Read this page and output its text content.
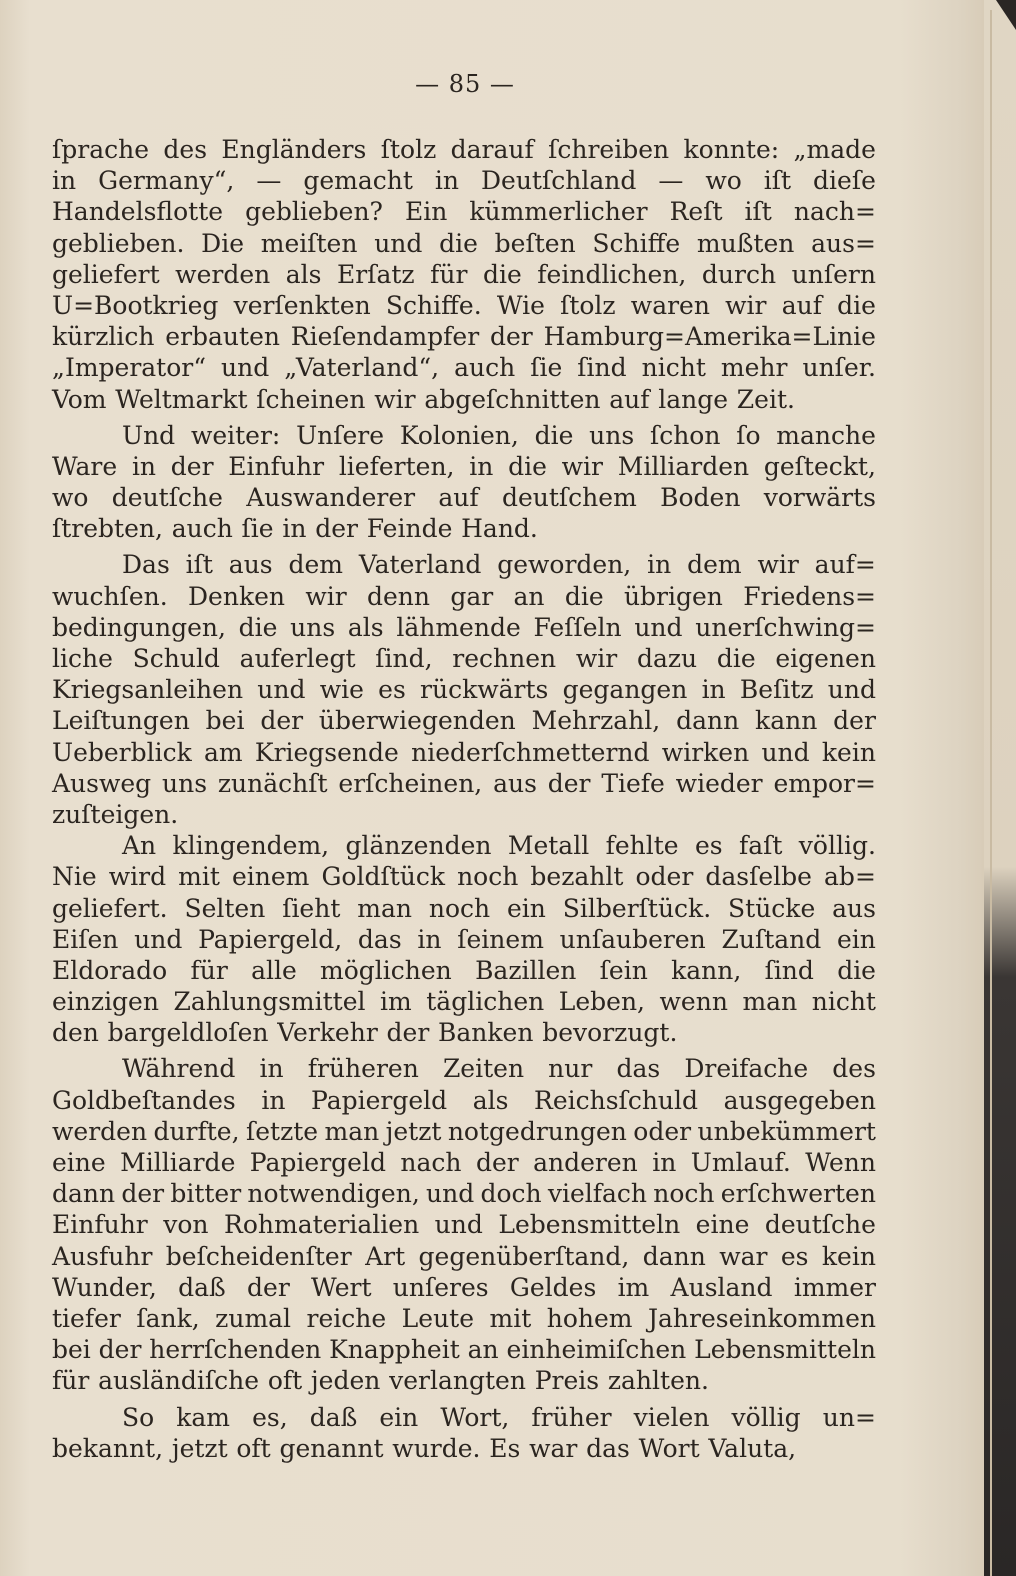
— 85 —
ſprache des Engländers ſtolz darauf ſchreiben konnte: „made
in Germany“, — gemacht in Deutſchland — wo iſt dieſe
Handelsflotte geblieben? Ein kümmerlicher Reſt iſt nach=
geblieben. Die meiſten und die beſten Schiffe mußten aus=
geliefert werden als Erſatz für die feindlichen, durch unſern
U=Bootkrieg verſenkten Schiffe. Wie ſtolz waren wir auf die
kürzlich erbauten Rieſendampfer der Hamburg=Amerika=Linie
„Imperator“ und „Vaterland“, auch ſie ſind nicht mehr unſer.
Vom Weltmarkt ſcheinen wir abgeſchnitten auf lange Zeit.
Und weiter: Unſere Kolonien, die uns ſchon ſo manche
Ware in der Einfuhr lieferten, in die wir Milliarden geſteckt,
wo deutſche Auswanderer auf deutſchem Boden vorwärts
ſtrebten, auch ſie in der Feinde Hand.
Das iſt aus dem Vaterland geworden, in dem wir auf=
wuchſen. Denken wir denn gar an die übrigen Friedens=
bedingungen, die uns als lähmende Feſſeln und unerſchwing=
liche Schuld auferlegt ſind, rechnen wir dazu die eigenen
Kriegsanleihen und wie es rückwärts gegangen in Beſitz und
Leiſtungen bei der überwiegenden Mehrzahl, dann kann der
Ueberblick am Kriegsende niederſchmetternd wirken und kein
Ausweg uns zunächſt erſcheinen, aus der Tiefe wieder empor=
zuſteigen.
An klingendem, glänzenden Metall fehlte es faſt völlig.
Nie wird mit einem Goldſtück noch bezahlt oder dasſelbe ab=
geliefert. Selten ſieht man noch ein Silberſtück. Stücke aus
Eiſen und Papiergeld, das in ſeinem unſauberen Zuſtand ein
Eldorado für alle möglichen Bazillen ſein kann, ſind die
einzigen Zahlungsmittel im täglichen Leben, wenn man nicht
den bargeldloſen Verkehr der Banken bevorzugt.
Während in früheren Zeiten nur das Dreifache des
Goldbeſtandes in Papiergeld als Reichsſchuld ausgegeben
werden durfte, ſetzte man jetzt notgedrungen oder unbekümmert
eine Milliarde Papiergeld nach der anderen in Umlauf. Wenn
dann der bitter notwendigen, und doch vielfach noch erſchwerten
Einfuhr von Rohmaterialien und Lebensmitteln eine deutſche
Ausfuhr beſcheidenſter Art gegenüberſtand, dann war es kein
Wunder, daß der Wert unſeres Geldes im Ausland immer
tiefer ſank, zumal reiche Leute mit hohem Jahreseinkommen
bei der herrſchenden Knappheit an einheimiſchen Lebensmitteln
für ausländiſche oft jeden verlangten Preis zahlten.
So kam es, daß ein Wort, früher vielen völlig un=
bekannt, jetzt oft genannt wurde. Es war das Wort Valuta,
